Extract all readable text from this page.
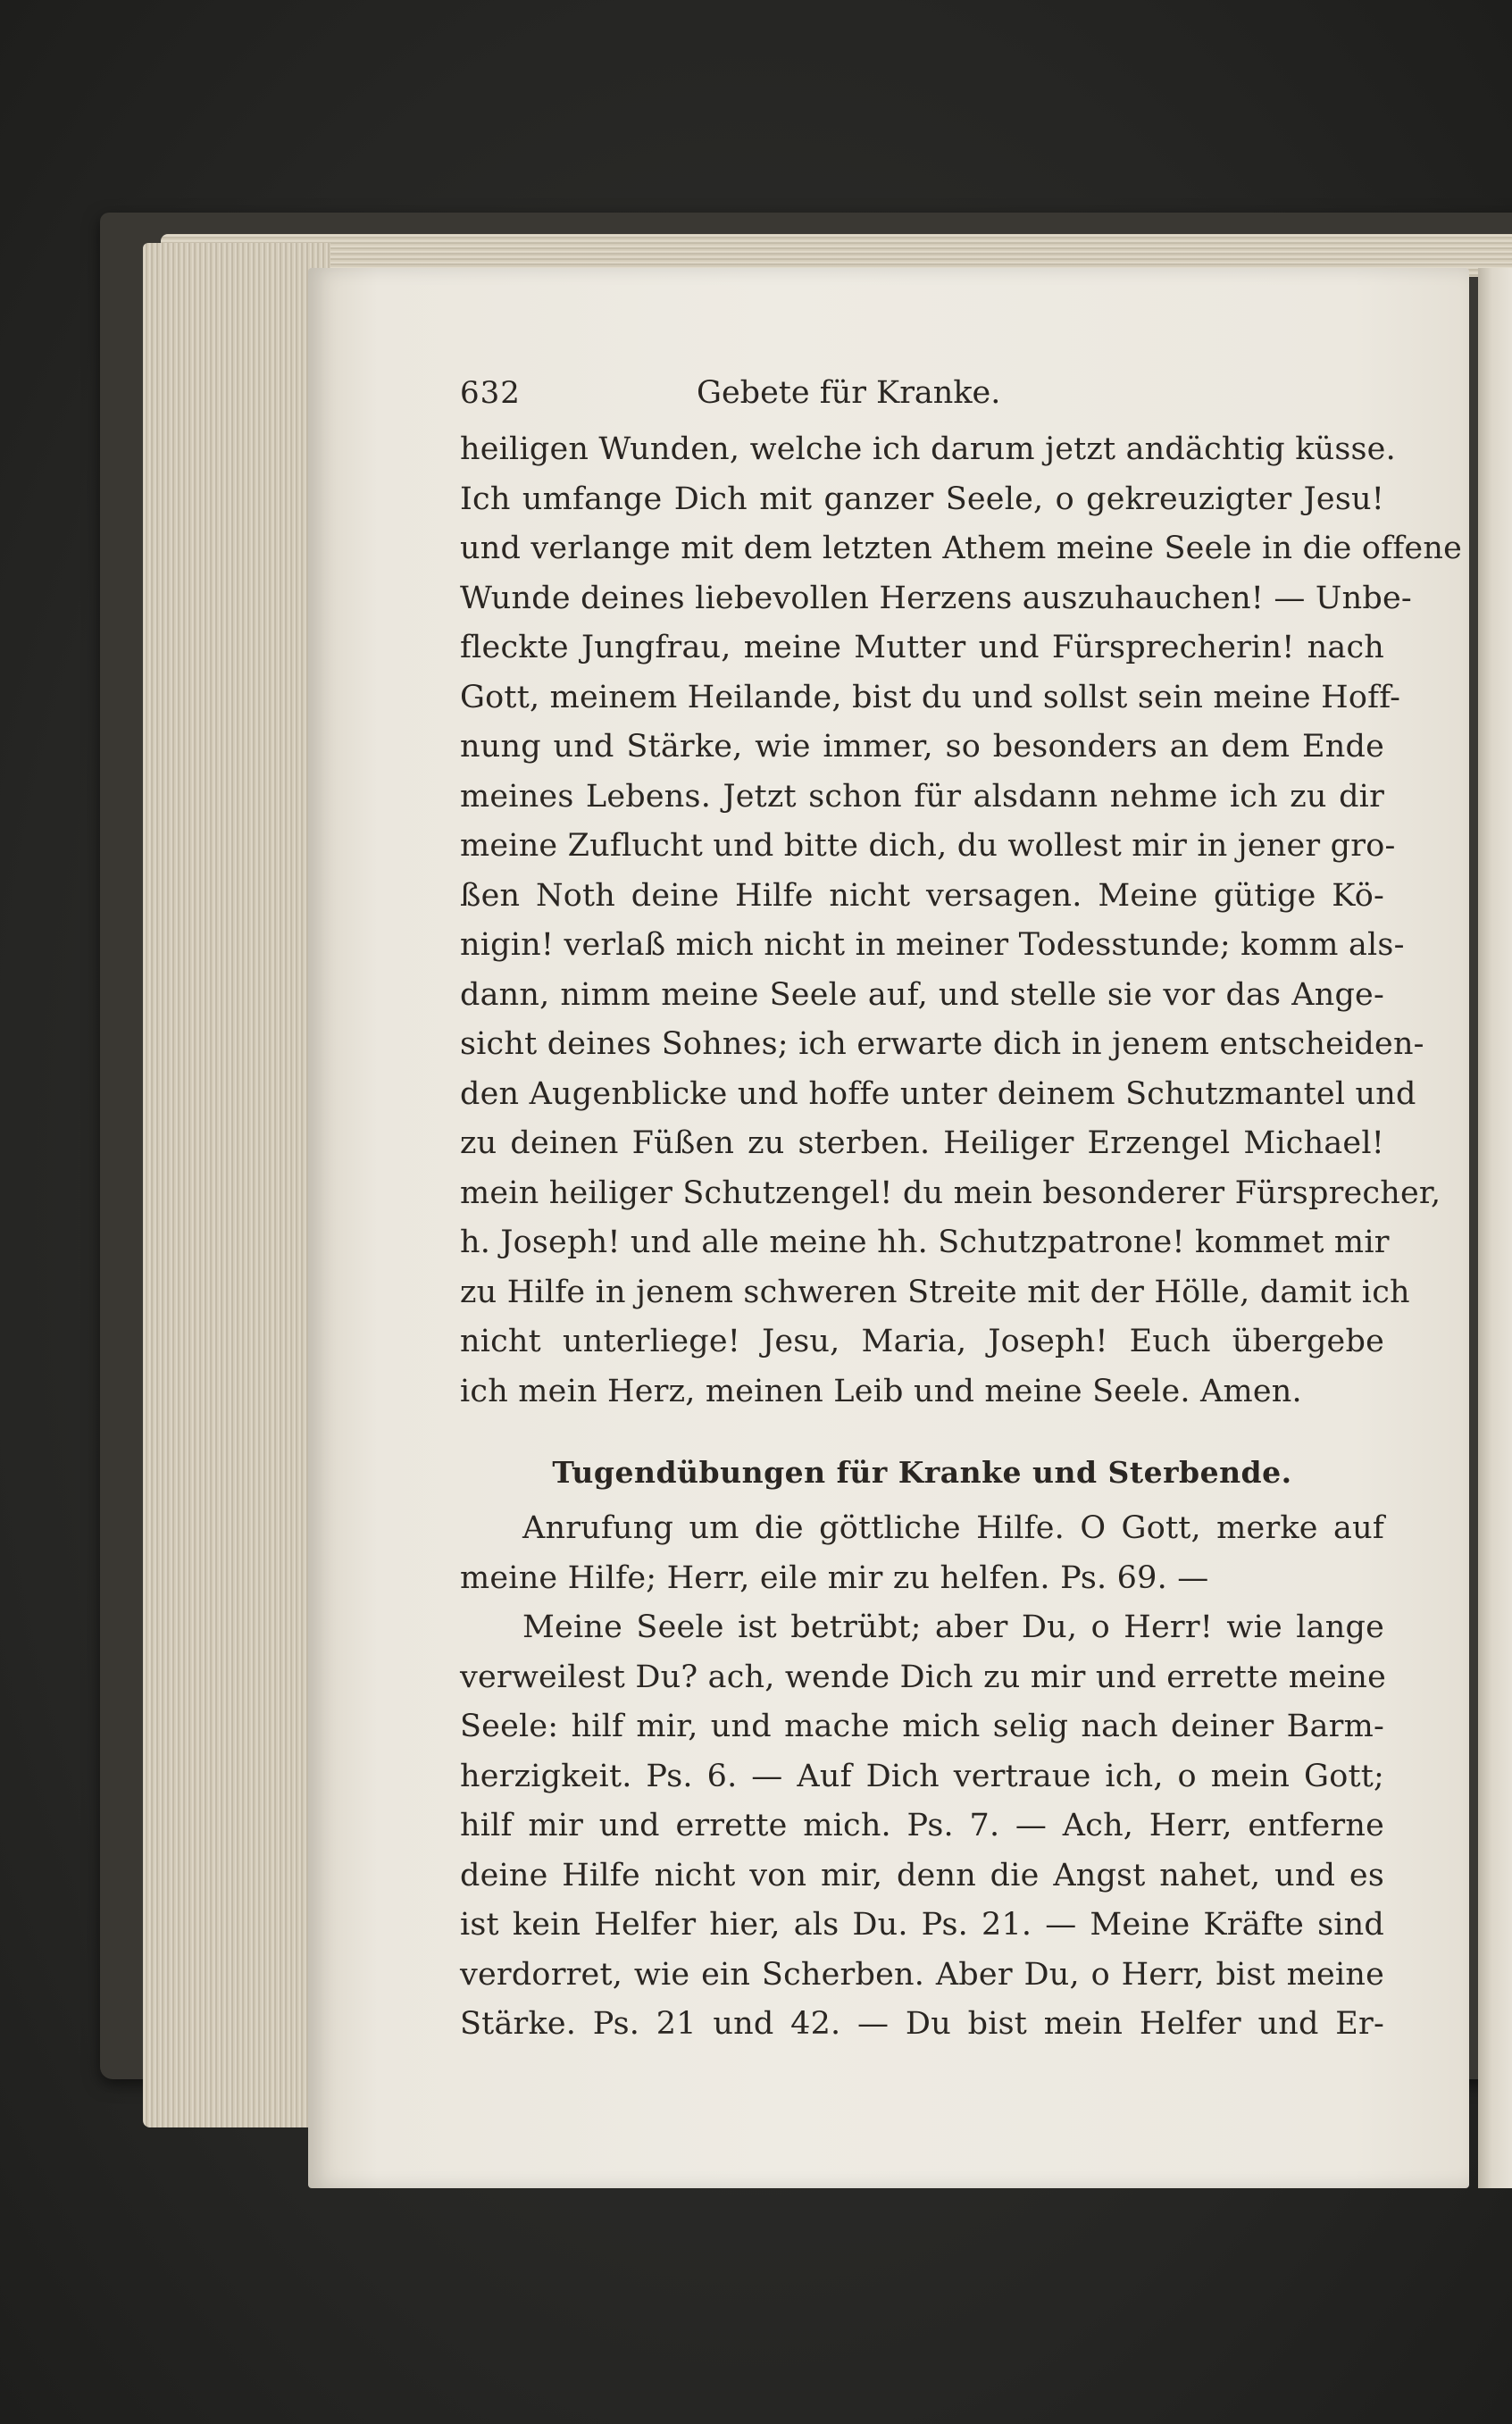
632	Gebete für Kranke.
heiligen Wunden, welche ich darum jetzt andächtig küsse.
Ich umfange Dich mit ganzer Seele, o gekreuzigter Jesu!
und verlange mit dem letzten Athem meine Seele in die offene
Wunde deines liebevollen Herzens auszuhauchen! — Unbe-
fleckte Jungfrau, meine Mutter und Fürsprecherin! nach
Gott, meinem Heilande, bist du und sollst sein meine Hoff-
nung und Stärke, wie immer, so besonders an dem Ende
meines Lebens. Jetzt schon für alsdann nehme ich zu dir
meine Zuflucht und bitte dich, du wollest mir in jener gro-
ßen Noth deine Hilfe nicht versagen. Meine gütige Kö-
nigin! verlaß mich nicht in meiner Todesstunde; komm als-
dann, nimm meine Seele auf, und stelle sie vor das Ange-
sicht deines Sohnes; ich erwarte dich in jenem entscheiden-
den Augenblicke und hoffe unter deinem Schutzmantel und
zu deinen Füßen zu sterben. Heiliger Erzengel Michael!
mein heiliger Schutzengel! du mein besonderer Fürsprecher,
h. Joseph! und alle meine hh. Schutzpatrone! kommet mir
zu Hilfe in jenem schweren Streite mit der Hölle, damit ich
nicht unterliege! Jesu, Maria, Joseph! Euch übergebe
ich mein Herz, meinen Leib und meine Seele. Amen.
Tugendübungen für Kranke und Sterbende.
Anrufung um die göttliche Hilfe. O Gott, merke auf
meine Hilfe; Herr, eile mir zu helfen. Ps. 69. —
Meine Seele ist betrübt; aber Du, o Herr! wie lange
verweilest Du? ach, wende Dich zu mir und errette meine
Seele: hilf mir, und mache mich selig nach deiner Barm-
herzigkeit. Ps. 6. — Auf Dich vertraue ich, o mein Gott;
hilf mir und errette mich. Ps. 7. — Ach, Herr, entferne
deine Hilfe nicht von mir, denn die Angst nahet, und es
ist kein Helfer hier, als Du. Ps. 21. — Meine Kräfte sind
verdorret, wie ein Scherben. Aber Du, o Herr, bist meine
Stärke. Ps. 21 und 42. — Du bist mein Helfer und Er-
